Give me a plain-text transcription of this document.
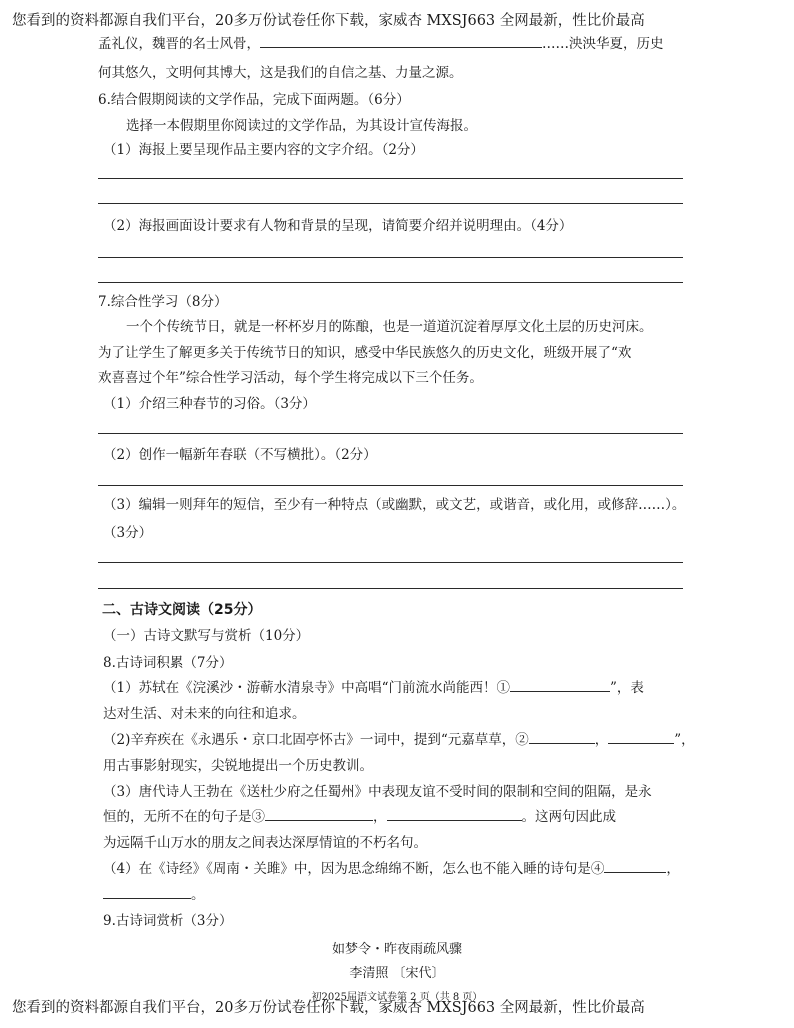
您看到的资料都源自我们平台，20多万份试卷任你下载，家威杏 MXSJ663 全网最新，性比价最高
孟礼仪，魏晋的名士风骨，	……泱泱华夏，历史
何其悠久，文明何其博大，这是我们的自信之基、力量之源。
6.结合假期阅读的文学作品，完成下面两题。（6分）
选择一本假期里你阅读过的文学作品，为其设计宣传海报。
（1）海报上要呈现作品主要内容的文字介绍。（2分）
（2）海报画面设计要求有人物和背景的呈现，请简要介绍并说明理由。（4分）
7.综合性学习（8分）
一个个传统节日，就是一杯杯岁月的陈酿，也是一道道沉淀着厚厚文化土层的历史河床。
为了让学生了解更多关于传统节日的知识，感受中华民族悠久的历史文化，班级开展了“欢
欢喜喜过个年”综合性学习活动，每个学生将完成以下三个任务。
（1）介绍三种春节的习俗。（3分）
（2）创作一幅新年春联（不写横批）。（2分）
（3）编辑一则拜年的短信，至少有一种特点（或幽默，或文艺，或谐音，或化用，或修辞……）。
（3分）
二、古诗文阅读（25分）
（一）古诗文默写与赏析（10分）
8.古诗词积累（7分）
（1）苏轼在《浣溪沙・游蕲水清泉寺》中高唱“门前流水尚能西！①	”，表
达对生活、对未来的向往和追求。
（2)辛弃疾在《永遇乐・京口北固亭怀古》一词中，提到“元嘉草草，②	，	”，
用古事影射现实，尖锐地提出一个历史教训。
（3）唐代诗人王勃在《送杜少府之任蜀州》中表现友谊不受时间的限制和空间的阻隔，是永
恒的，无所不在的句子是③	，	。这两句因此成
为远隔千山万水的朋友之间表达深厚情谊的不朽名句。
（4）在《诗经》《周南・关雎》中，因为思念绵绵不断，怎么也不能入睡的诗句是④	，
。
9.古诗词赏析（3分）
如梦令・昨夜雨疏风骤
李清照 〔宋代〕
初2025届语文试卷第 2 页（共 8 页）
您看到的资料都源自我们平台，20多万份试卷任你下载，家威杏 MXSJ663 全网最新，性比价最高
